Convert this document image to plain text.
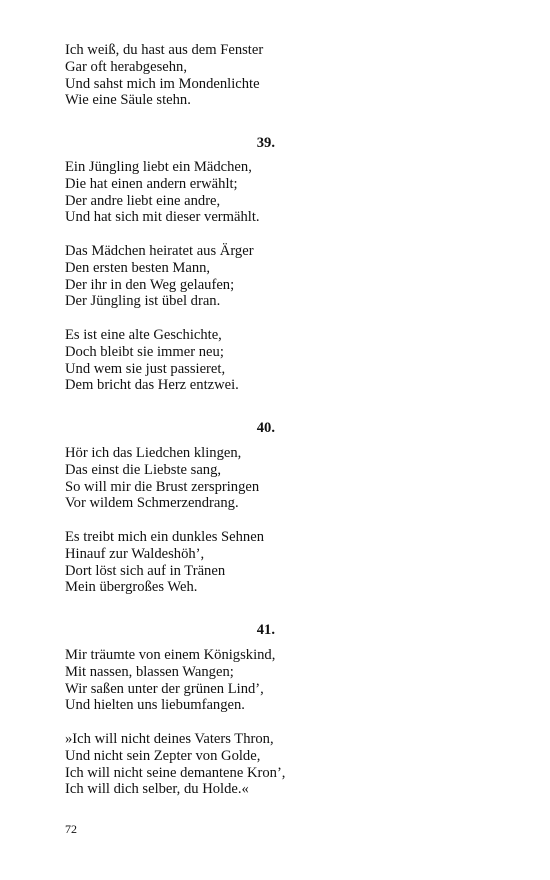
Ich weiß, du hast aus dem Fenster
Gar oft herabgesehn,
Und sahst mich im Mondenlichte
Wie eine Säule stehn.
39.
Ein Jüngling liebt ein Mädchen,
Die hat einen andern erwählt;
Der andre liebt eine andre,
Und hat sich mit dieser vermählt.
Das Mädchen heiratet aus Ärger
Den ersten besten Mann,
Der ihr in den Weg gelaufen;
Der Jüngling ist übel dran.
Es ist eine alte Geschichte,
Doch bleibt sie immer neu;
Und wem sie just passieret,
Dem bricht das Herz entzwei.
40.
Hör ich das Liedchen klingen,
Das einst die Liebste sang,
So will mir die Brust zerspringen
Vor wildem Schmerzendrang.
Es treibt mich ein dunkles Sehnen
Hinauf zur Waldeshöh’,
Dort löst sich auf in Tränen
Mein übergroßes Weh.
41.
Mir träumte von einem Königskind,
Mit nassen, blassen Wangen;
Wir saßen unter der grünen Lind’,
Und hielten uns liebumfangen.
»Ich will nicht deines Vaters Thron,
Und nicht sein Zepter von Golde,
Ich will nicht seine demantene Kron’,
Ich will dich selber, du Holde.«
72
